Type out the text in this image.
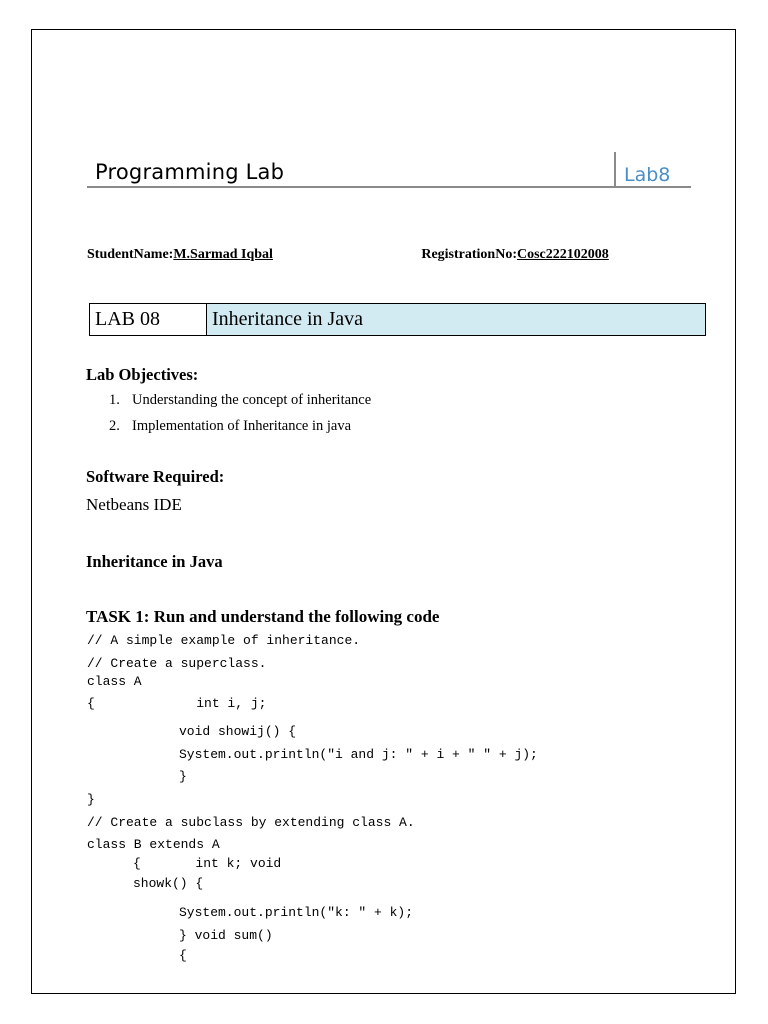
Programming Lab	Lab8
StudentName:M.Sarmad Iqbal	RegistrationNo:Cosc222102008
LAB 08	Inheritance in Java
Lab Objectives:
1. Understanding the concept of inheritance
2. Implementation of Inheritance in java
Software Required:
Netbeans IDE
Inheritance in Java
TASK 1: Run and understand the following code
// A simple example of inheritance.
// Create a superclass.
class A
{             int i, j;
void showij() {
System.out.println("i and j: " + i + " " + j);
}
}
// Create a subclass by extending class A.
class B extends A
{       int k; void
showk() {
System.out.println("k: " + k);
} void sum()
{
